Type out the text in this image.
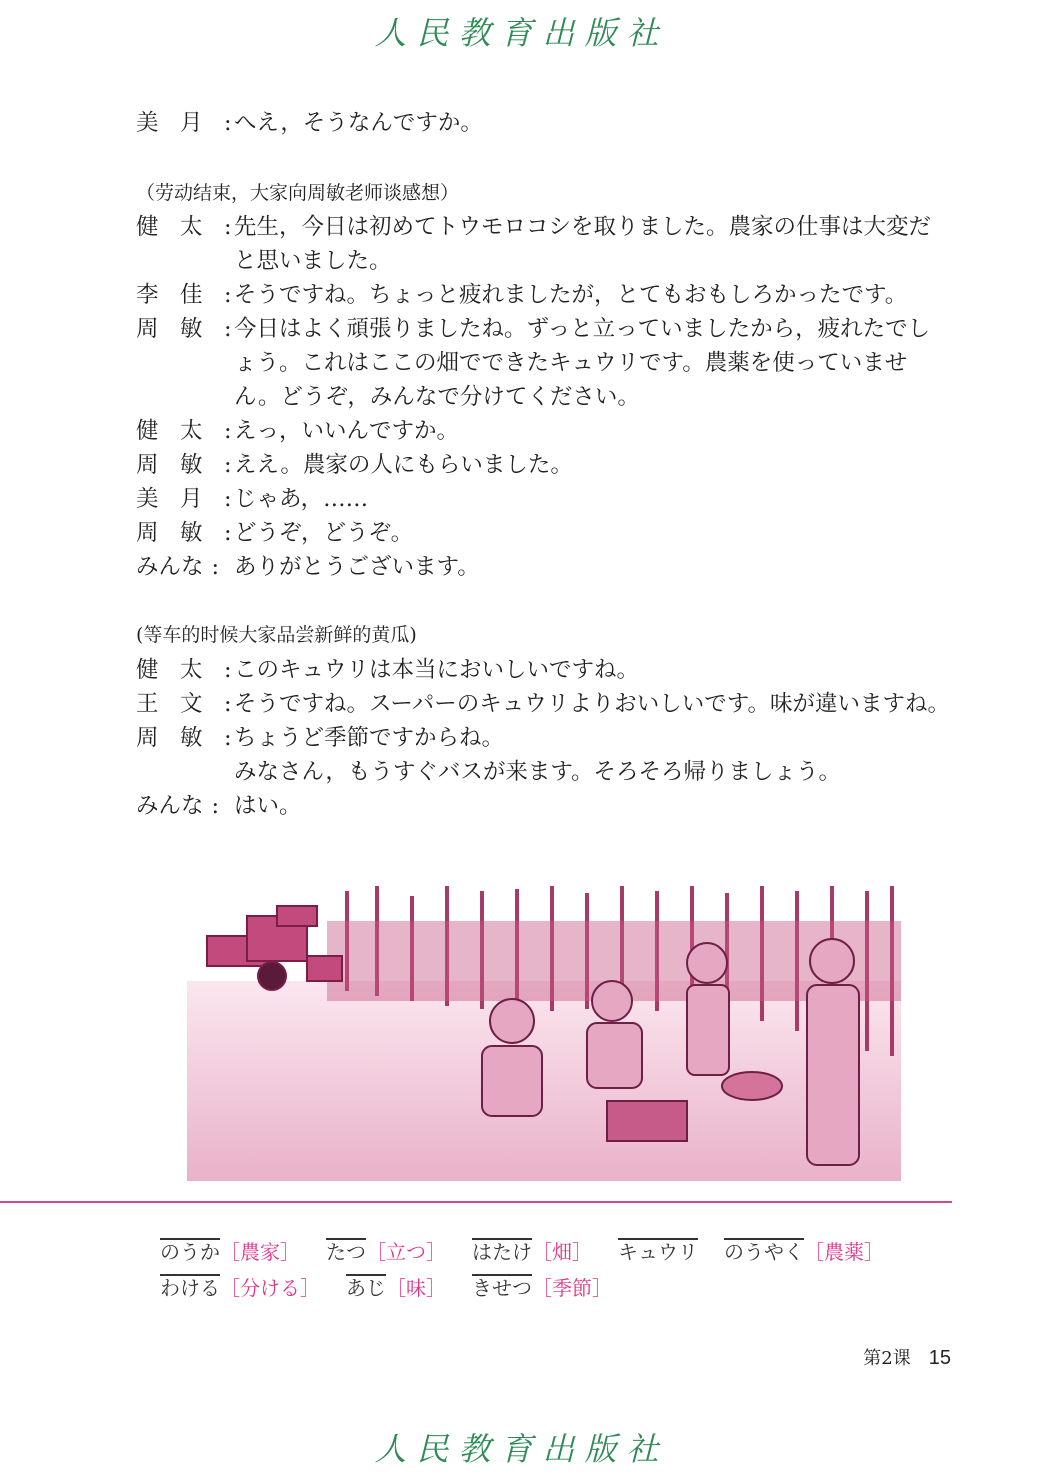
人民教育出版社
美 月 : へえ，そうなんですか。

（劳动结束，大家向周敏老师谈感想）

健 太 : 先生，今日は初めてトウモロコシを取りました。農家の仕事は大変だと思いました。
李 佳 : そうですね。ちょっと疲れましたが，とてもおもしろかったです。
周 敏 : 今日はよく頑張りましたね。ずっと立っていましたから，疲れたでしょう。これはここの畑でできたキュウリです。農薬を使っていません。どうぞ，みんなで分けてください。
健 太 : えっ，いいんですか。
周 敏 : ええ。農家の人にもらいました。
美 月 : じゃあ，……
周 敏 : どうぞ，どうぞ。
みんな : ありがとうございます。

(等车的时候大家品尝新鲜的黄瓜)

健 太 : このキュウリは本当においしいですね。
王 文 : そうですね。スーパーのキュウリよりおいしいです。味が違いますね。
周 敏 : ちょうど季節ですからね。
みなさん，もうすぐバスが来ます。そろそろ帰りましょう。
みんな : はい。
のうか ［農家］ たつ ［立つ］ はたけ ［畑］ キュウリ のうやく ［農薬］
わける ［分ける］ あじ ［味］ きせつ ［季節］
第2课 15
人民教育出版社
